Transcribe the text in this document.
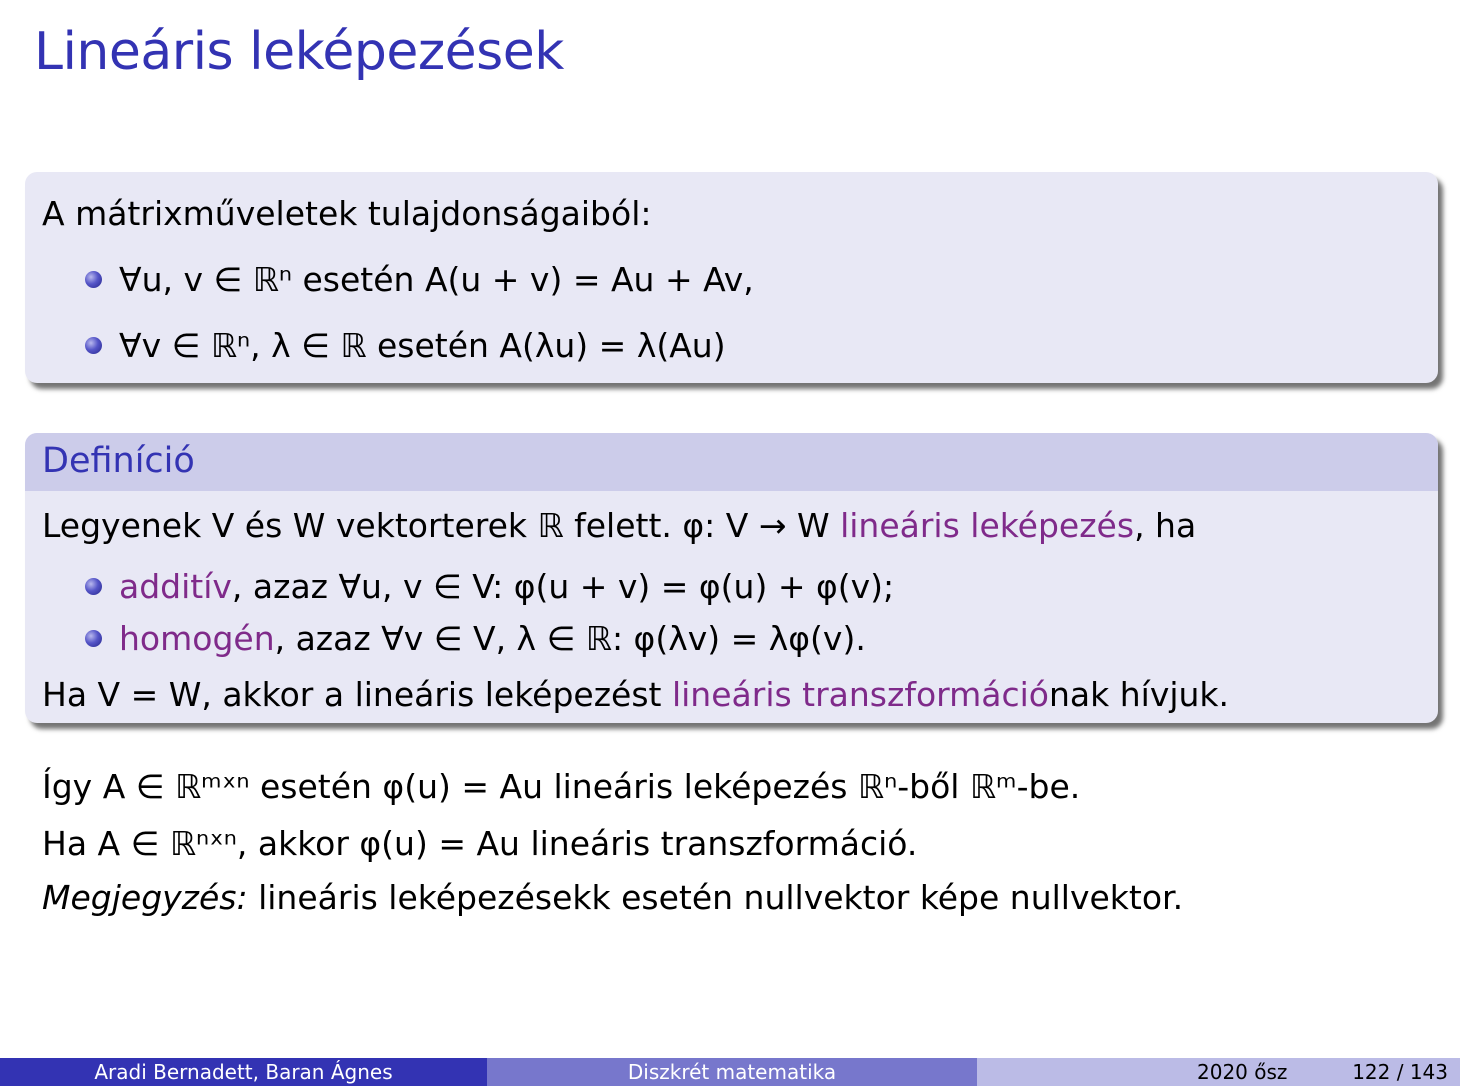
Lineáris leképezések
A mátrixműveletek tulajdonságaiból:
∀u, v ∈ ℝⁿ esetén A(u + v) = Au + Av,
∀v ∈ ℝⁿ, λ ∈ ℝ esetén A(λu) = λ(Au)
Definíció
Legyenek V és W vektorterek ℝ felett. φ: V → W lineáris leképezés, ha
additív , azaz ∀u, v ∈ V: φ(u + v) = φ(u) + φ(v);
homogén , azaz ∀v ∈ V, λ ∈ ℝ: φ(λv) = λφ(v).
Ha V = W, akkor a lineáris leképezést lineáris transzformációnak hívjuk.
Így A ∈ ℝᵐˣⁿ esetén φ(u) = Au lineáris leképezés ℝⁿ-ből ℝᵐ-be.
Ha A ∈ ℝⁿˣⁿ, akkor φ(u) = Au lineáris transzformáció.
Megjegyzés: lineáris leképezésekk esetén nullvektor képe nullvektor.
Aradi Bernadett, Baran Ágnes	Diszkrét matematika	2020 ősz	122 / 143
